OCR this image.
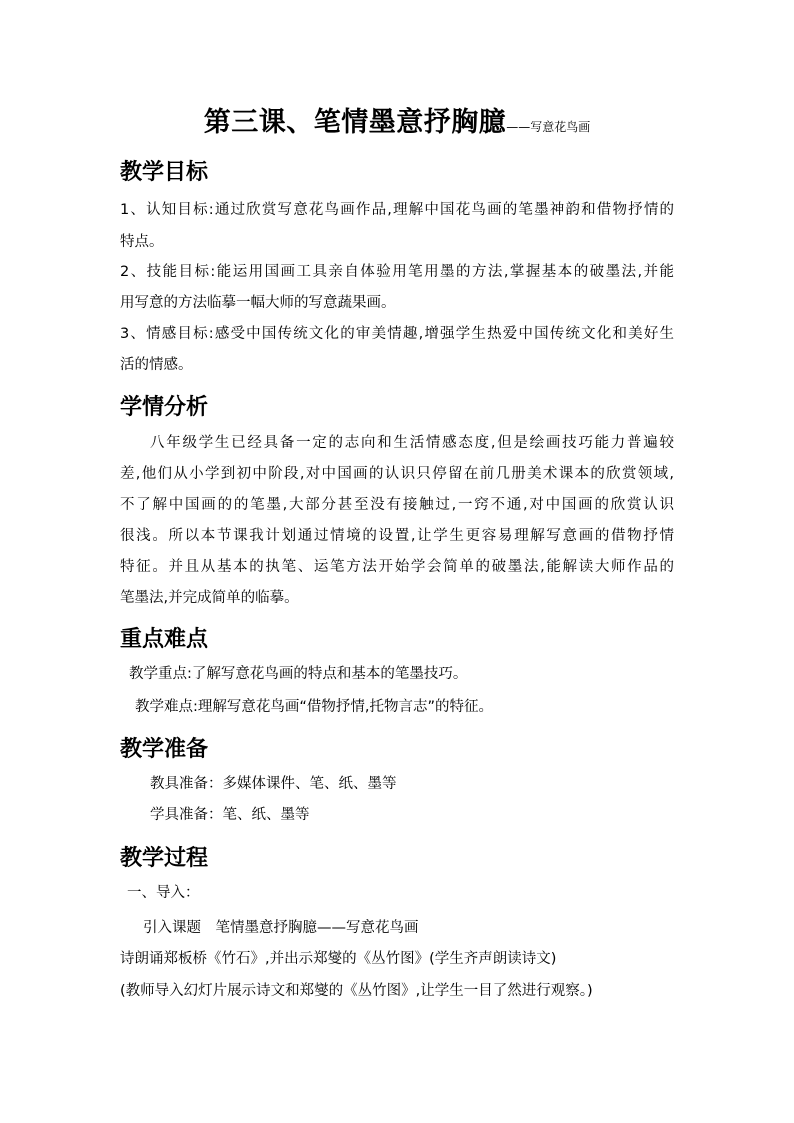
第三课、笔情墨意抒胸臆——写意花鸟画
教学目标
1、认知目标:通过欣赏写意花鸟画作品,理解中国花鸟画的笔墨神韵和借物抒情的
特点。
2、技能目标:能运用国画工具亲自体验用笔用墨的方法,掌握基本的破墨法,并能
用写意的方法临摹一幅大师的写意蔬果画。
3、情感目标:感受中国传统文化的审美情趣,增强学生热爱中国传统文化和美好生
活的情感。
学情分析
八年级学生已经具备一定的志向和生活情感态度,但是绘画技巧能力普遍较
差,他们从小学到初中阶段,对中国画的认识只停留在前几册美术课本的欣赏领域,
不了解中国画的的笔墨,大部分甚至没有接触过,一窍不通,对中国画的欣赏认识
很浅。所以本节课我计划通过情境的设置,让学生更容易理解写意画的借物抒情
特征。并且从基本的执笔、运笔方法开始学会简单的破墨法,能解读大师作品的
笔墨法,并完成简单的临摹。
重点难点
教学重点:了解写意花鸟画的特点和基本的笔墨技巧。
教学难点:理解写意花鸟画“借物抒情,托物言志”的特征。
教学准备
教具准备：多媒体课件、笔、纸、墨等
学具准备：笔、纸、墨等
教学过程
一、导入：
引入课题　笔情墨意抒胸臆——写意花鸟画
诗朗诵郑板桥《竹石》,并出示郑燮的《丛竹图》(学生齐声朗读诗文)
(教师导入幻灯片展示诗文和郑燮的《丛竹图》,让学生一目了然进行观察。)
